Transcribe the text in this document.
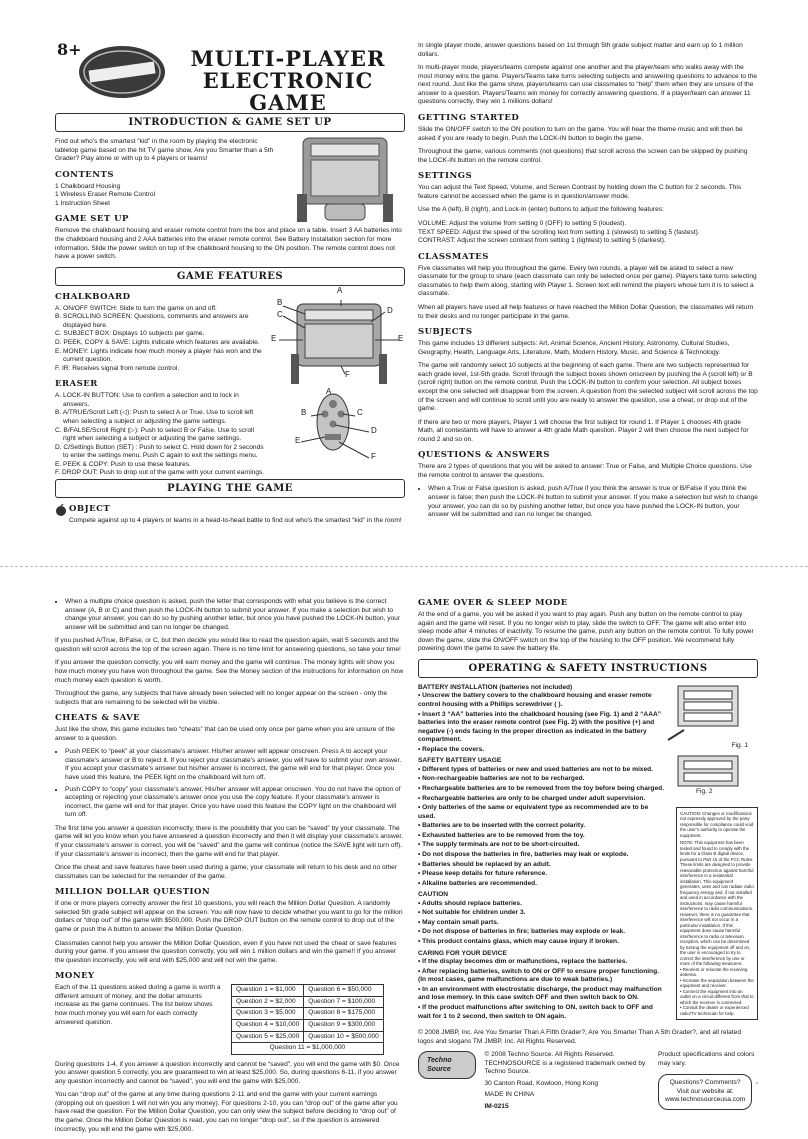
8+	MULTI-PLAYER
ELECTRONIC GAME
INTRODUCTION & GAME SET UP

Find out who’s the smartest “kid” in the room by playing the electronic tabletop game based on the hit TV game show, Are you Smarter than a 5th Grader? Play alone or with up to 4 players or teams!

CONTENTS
1 Chalkboard Housing
1 Wireless Eraser Remote Control
1 Instruction Sheet
GAME SET UP

Remove the chalkboard housing and eraser remote control from the box and place on a table. Insert 3 AA batteries into the chalkboard housing and 2 AAA batteries into the eraser remote control. See Battery Installation section for more information. Slide the power switch on top of the chalkboard housing to the ON position. The remote control does not have a power switch.

GAME FEATURES
CHALKBOARD
A. ON/OFF SWITCH: Slide to turn the game on and off.
B. SCROLLING SCREEN: Questions, comments and answers are displayed here.
C. SUBJECT BOX: Displays 10 subjects per game.
D. PEEK, COPY & SAVE: Lights indicate which features are available.
E. MONEY: Lights indicate how much money a player has won and the current question.
F. IR: Receives signal from remote control.
ERASER
A. LOCK-IN BUTTON: Use to confirm a selection and to lock in answers.
B. A/TRUE/Scroll Left (◁): Push to select A or True. Use to scroll left when selecting a subject or adjusting the game settings.
C. B/FALSE/Scroll Right (▷): Push to select B or False. Use to scroll right when selecting a subject or adjusting the game settings.
D. C/Settings Button (SET) : Push to select C. Hold down for 2 seconds to enter the settings menu. Push C again to exit the settings menu.
E. PEEK & COPY: Push to use these features.
F. DROP OUT: Push to drop out of the game with your current earnings.
A
B
C	D
E	E
F
A
B	C
D
E
F
PLAYING THE GAME
OBJECT

Compete against up to 4 players or teams in a head-to-head battle to find out who’s the smartest “kid” in the room!

In single player mode, answer questions based on 1st through 5th grade subject matter and earn up to 1 million dollars.

In multi-player mode, players/teams compete against one another and the player/team who walks away with the most money wins the game. Players/Teams take turns selecting subjects and answering questions to advance to the next round. Just like the game show, players/teams can use classmates to “help” them when they are unsure of the answer to a question. Players/Teams win money for correctly answering questions. If a player/team can answer 11 questions correctly, they win 1 millions dollars!

GETTING STARTED

Slide the ON/OFF switch to the ON position to turn on the game. You will hear the theme music and will then be asked if you are ready to begin. Push the LOCK-IN button to begin the game.

Throughout the game, various comments (not questions) that scroll across the screen can be skipped by pushing the LOCK-IN button on the remote control.

SETTINGS

You can adjust the Text Speed, Volume, and Screen Contrast by holding down the C button for 2 seconds. This feature cannot be accessed when the game is in question/answer mode.

Use the A (left), B (right), and Lock-In (enter) buttons to adjust the following features:

VOLUME: Adjust the volume from setting 0 (OFF) to setting 5 (loudest).
TEXT SPEED: Adjust the speed of the scrolling text from setting 1 (slowest) to setting 5 (fastest).
CONTRAST: Adjust the screen contrast from setting 1 (lightest) to setting 5 (darkest).
CLASSMATES

Five classmates will help you throughout the game. Every two rounds, a player will be asked to select a new classmate for the group to share (each classmate can only be selected once per game). Players take turns selecting classmates to help them along, starting with Player 1. Screen text will remind the players whose turn it is to select a classmate.

When all players have used all help features or have reached the Million Dollar Question, the classmates will return to their desks and no longer participate in the game.

SUBJECTS

This game includes 13 different subjects: Art, Animal Science, Ancient History, Astronomy, Cultural Studies, Geography, Health, Language Arts, Literature, Math, Modern History, Music, and Science & Technology.

The game will randomly select 10 subjects at the beginning of each game. There are two subjects represented for each grade level, 1st-5th grade. Scroll through the subject boxes shown onscreen by pushing the A (scroll left) or B (scroll right) button on the remote control. Push the LOCK-IN button to confirm your selection. All subject boxes except the one selected will disappear from the screen. A question from the selected subject will scroll across the top of the screen and will continue to scroll until you are ready to answer the question, use a cheat, or drop out of the game.

If there are two or more players, Player 1 will choose the first subject for round 1. If Player 1 chooses 4th grade Math, all contestants will have to answer a 4th grade Math question. Player 2 will then choose the next subject for round 2 and so on.

QUESTIONS & ANSWERS

There are 2 types of questions that you will be asked to answer: True or False, and Multiple Choice questions. Use the remote control to answer the questions.

• When a True or False question is asked, push A/True if you think the answer is true or B/False if you think the answer is false; then push the LOCK-IN button to submit your answer. If you make a selection but wish to change your answer, you can do so by pushing another letter, but once you have pushed the LOCK-IN button, your answer will be submitted and can no longer be changed.
• When a multiple choice question is asked, push the letter that corresponds with what you believe is the correct answer (A, B or C) and then push the LOCK-IN button to submit your answer. If you make a selection but wish to change your answer, you can do so by pushing another letter, but once you have pushed the LOCK-IN button, your answer will be submitted and can no longer be changed.

If you pushed A/True, B/False, or C, but then decide you would like to read the question again, wait 5 seconds and the question will scroll across the top of the screen again. There is no time limit for answering questions, so take your time!

If you answer the question correctly, you will earn money and the game will continue. The money lights will show you how much money you have won throughout the game. See the Money section of the instructions for information on how much money each question is worth.

Throughout the game, any subjects that have already been selected will no longer appear on the screen - only the subjects that are remaining to be selected will be visible.

CHEATS & SAVE

Just like the show, this game includes two “cheats” that can be used only once per game when you are unsure of the answer to a question.

• Push PEEK to “peek” at your classmate’s answer. His/her answer will appear onscreen. Press A to accept your classmate’s answer or B to reject it. If you reject your classmate’s answer, you will have to submit your own answer. If you accept your classmate’s answer but his/her answer is incorrect, the game will end for that player. Once you have used this feature, the PEEK light on the chalkboard will turn off.
• Push COPY to “copy” your classmate’s answer. His/her answer will appear onscreen. You do not have the option of accepting or rejecting your classmate’s answer once you use the copy feature. If your classmate’s answer is incorrect, the game will end for that player. Once you have used this feature the COPY light on the chalkboard will turn off.

The first time you answer a question incorrectly, there is the possibility that you can be “saved” by your classmate. The game will let you know when you have answered a question incorrectly and then it will display your classmate’s answer. If your classmate’s answer is correct, you will be “saved” and the game will continue (notice the SAVE light will turn off). If your classmate’s answer is incorrect, then the game will end for that player.

Once the cheat and save features have been used during a game, your classmate will return to his desk and no other classmates can be selected for the remainder of the game.

MILLION DOLLAR QUESTION

If one or more players correctly answer the first 10 questions, you will reach the Million Dollar Question. A randomly selected 5th grade subject will appear on the screen. You will now have to decide whether you want to go for the million dollars or “drop out” of the game with $500,000. Push the DROP OUT button on the remote control to drop out of the game or push the A button to answer the Million Dollar Question.

Classmates cannot help you answer the Million Dollar Question, even if you have not used the cheat or save features during your game. If you answer the question correctly, you will win 1 million dollars and win the game!! If you answer the question incorrectly, you will end with $25,000 and will not win the game.

MONEY

Each of the 11 questions asked during a game is worth a different amount of money, and the dollar amounts increase as the game continues. The list below shows how much money you will earn for each correctly answered question.

Question 1 = $1,000	Question 6 = $50,000
Question 2 = $2,000	Question 7 = $100,000
Question 3 = $5,000	Question 8 = $175,000
Question 4 = $10,000	Question 9 = $300,000
Question 5 = $25,000	Question 10 = $500,000
Question 11 = $1,000,000	

During questions 1-4, if you answer a question incorrectly and cannot be “saved”, you will end the game with $0. Once you answer question 5 correctly, you are guaranteed to win at least $25,000. So, during questions 6-11, if you answer any question incorrectly and cannot be “saved”, you will end the game with $25,000.

You can “drop out” of the game at any time during questions 2-11 and end the game with your current earnings (dropping out on question 1 will not win you any money). For questions 2-10, you can “drop out” of the game after you have read the question. For the Million Dollar Question, you can only view the subject before deciding to “drop out” of the game. Once the Million Dollar Question is read, you can no longer “drop out”, so if the question is answered incorrectly, you will end the game with $25,000.

GAME OVER & SLEEP MODE

At the end of a game, you will be asked if you want to play again. Push any button on the remote control to play again and the game will reset. If you no longer wish to play, slide the switch to OFF. The game will also enter into sleep mode after 4 minutes of inactivity. To resume the game, push any button on the remote control. To fully power down the game, slide the ON/OFF switch on the top of the housing to the OFF position. We recommend fully powering down the game to save the battery life.

OPERATING & SAFETY INSTRUCTIONS
BATTERY INSTALLATION (batteries not included)
• Unscrew the battery covers to the chalkboard housing and eraser remote control housing with a Phillips screwdriver ( ).
• Insert 3 “AA” batteries into the chalkboard housing (see Fig. 1) and 2 “AAA” batteries into the eraser remote control (see Fig. 2) with the positive (+) and negative (-) ends facing in the proper direction as indicated in the battery compartment.
• Replace the covers.
SAFETY BATTERY USAGE
• Different types of batteries or new and used batteries are not to be mixed.
• Non-rechargeable batteries are not to be recharged.
• Rechargeable batteries are to be removed from the toy before being charged.
• Rechargeable batteries are only to be charged under adult supervision.
• Only batteries of the same or equivalent type as recommended are to be used.
• Batteries are to be inserted with the correct polarity.
• Exhausted batteries are to be removed from the toy.
• The supply terminals are not to be short-circuited.
• Do not dispose the batteries in fire, batteries may leak or explode.
• Batteries should be replaced by an adult.
• Please keep details for future reference.
• Alkaline batteries are recommended.
CAUTION
• Adults should replace batteries.
• Not suitable for children under 3.
• May contain small parts.
• Do not dispose of batteries in fire; batteries may explode or leak.
• This product contains glass, which may cause injury if broken.
CARING FOR YOUR DEVICE
• If the display becomes dim or malfunctions, replace the batteries.
• After replacing batteries, switch to ON or OFF to ensure proper functioning. (In most cases, game malfunctions are due to weak batteries.)
• In an environment with electrostatic discharge, the product may malfunction and lose memory. In this case switch OFF and then switch back to ON.
• If the product malfunctions after switching to ON, switch back to OFF and wait for 1 to 2 second, then switch to ON again.
Fig. 1
Fig. 2
CAUTION: Changes or modifications not expressly approved by the party responsible for compliance could void the user’s authority to operate the equipment.
NOTE: This equipment has been tested and found to comply with the limits for a Class B digital device, pursuant to Part 15 of the FCC Rules. These limits are designed to provide reasonable protection against harmful interference in a residential installation. This equipment generates, uses and can radiate radio frequency energy and, if not installed and used in accordance with the instructions, may cause harmful interference to radio communications. However, there is no guarantee that interference will not occur in a particular installation. If this equipment does cause harmful interference to radio or television reception, which can be determined by turning the equipment off and on, the user is encouraged to try to correct the interference by one or more of the following measures:
• Reorient or relocate the receiving antenna.
• Increase the separation between the equipment and receiver.
• Connect the equipment into an outlet on a circuit different from that to which the receiver is connected.
• Consult the dealer or experienced radio/TV technician for help.

© 2008 JMBP, Inc. Are You Smarter Than A Fifth Grader?, Are You Smarter Than A 5th Grader?, and all related logos and slogans TM JMBP, Inc. All Rights Reserved.

Techno Source
© 2008 Techno Source. All Rights Reserved.
TECHNOSOURCE is a registered trademark owned by Techno Source.
30 Canton Road, Kowloon, Hong Kong
MADE IN CHINA
IM-0215
Product specifications and colors may vary.
Questions? Comments?
Visit our website at:
www.technosourceusa.com
